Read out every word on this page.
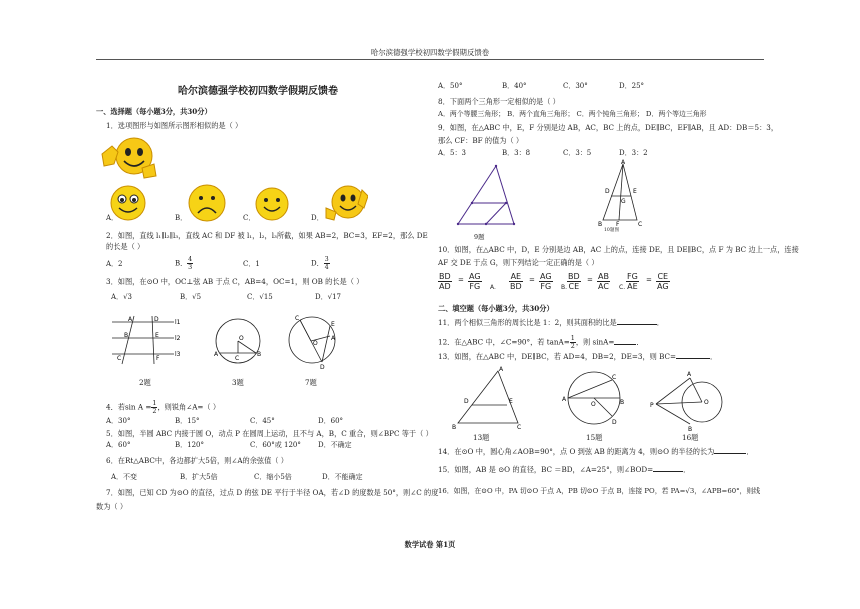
哈尔滨德强学校初四数学假期反馈卷
哈尔滨德强学校初四数学假期反馈卷
一、选择题（每小题3分，共30分）
1．选项图形与如图所示图形相似的是（ ）
A．	B．	C．	D．
2．如图，直线 l₁∥l₂∥l₃，直线 AC 和 DF 被 l₁，l₂，l₃所截，如果 AB=2，BC=3，EF=2，那么 DE
的长是（ ）
A．2	B． $\frac{4}{3}$	C．1	D． $\frac{3}{4}$
3．如图，在⊙O 中，OC⊥弦 AB 于点 C，AB=4，OC=1，则 OB 的长是（ ）
A．√3	B．√5	C．√15	D．√17
A	D
B	E
C	F
l1
l2
l3
O
C
A	B
C
E
O
A
D
2题	3题	7题
4．若$\sin A = \frac{1}{2}$ ，则锐角∠A=（ ）
A．30°	B．15°	C．45°	D．60°
5．如图，半圆 ABC 内接于圆 O，动点 P 在圆周上运动，且不与 A，B，C 重合，则∠BPC 等于（ ）
A．60°	B．120°	C．60°或 120° D．不确定
6．在Rt△ABC中，各边都扩大5倍，则∠A的余弦值（ ）
A．不变	B．扩大5倍	C．缩小5倍	D．不能确定
7．如图，已知 CD 为⊙O 的直径，过点 D 的弦 DE 平行于半径 OA，若∠D 的度数是 50°，则∠C 的度
数为（ ）
A．50°	B．40°	C．30°	D．25°
8．下面两个三角形一定相似的是（ ）
A．两个等腰三角形； B．两个直角三角形； C．两个钝角三角形； D．两个等边三角形
9．如图，在△ABC 中，E，F 分别是边 AB，AC，BC 上的点，DE∥BC，EF∥AB，且 AD：DB＝5：3，
那么 CF：BF 的值为（ ）
A．5：3	B．3：8	C．3：5	D．3：2
9题
A
D	E
G
B F	C
10题图
10．如图，在△ABC 中，D，E 分别是边 AB，AC 上的点，连接 DE，且 DE∥BC，点 F 为 BC 边上一点，连接
AF 交 DE 于点 G，则下列结论一定正确的是（ ）
BD
AD
= AG
FG A.
AE
BD
= AG
FG B.
BD
CE
= AB
AC C.
FG
AE
= CE
AG
二、填空题（每小题3分，共30分）
11．两个相似三角形的周长比是 1：2，则其面积的比是	．
12．在△ABC 中，∠C=90°，若 $\tan A= \frac{1}{2}$ ，则 sinA=	．
13．如图，在△ABC 中，DE∥BC，若 AD=4，DB=2，DE=3，则 BC=	．
A
D	E
B	C
C
A	B
O
D
A
P	O
B
13题	15题	16题
14．在⊙O 中，圆心角∠AOB=90°，点 O 到弦 AB 的距离为 4，则⊙O 的半径的长为	．
15．如图，AB 是 ⊙O 的直径，BC ＝BD，∠A=25°，则∠BOD=	．
16．如图，在⊙O 中，PA 切⊙O 于点 A，PB 切⊙O 于点 B，连接 PO，若 PA=√3，∠APB=60°，则线
数学试卷 第1页
